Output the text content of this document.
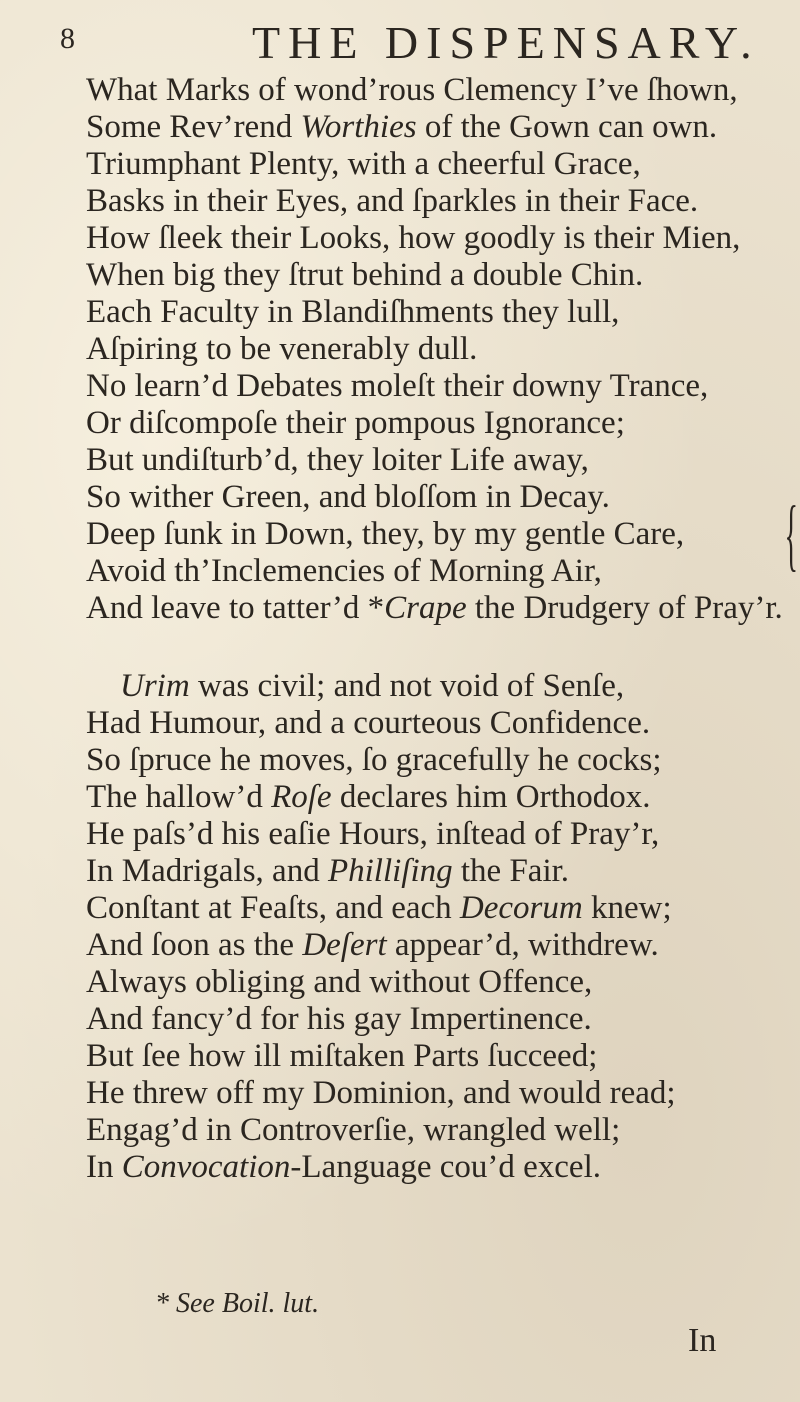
8	THE DISPENSARY.
What Marks of wond’rous Clemency I’ve ſhown,
Some Rev’rend Worthies of the Gown can own.
Triumphant Plenty, with a cheerful Grace,
Basks in their Eyes, and ſparkles in their Face.
How ſleek their Looks, how goodly is their Mien,
When big they ſtrut behind a double Chin.
Each Faculty in Blandiſhments they lull,
Aſpiring to be venerably dull.
No learn’d Debates moleſt their downy Trance,
Or diſcompoſe their pompous Ignorance;
But undiſturb’d, they loiter Life away,
So wither Green, and bloſſom in Decay.
Deep ſunk in Down, they, by my gentle Care,
Avoid th’Inclemencies of Morning Air,
And leave to tatter’d *Crape the Drudgery of Pray’r.
{
Urim was civil; and not void of Senſe,
Had Humour, and a courteous Confidence.
So ſpruce he moves, ſo gracefully he cocks;
The hallow’d Roſe declares him Orthodox.
He paſs’d his eaſie Hours, inſtead of Pray’r,
In Madrigals, and Philliſing the Fair.
Conſtant at Feaſts, and each Decorum knew;
And ſoon as the Deſert appear’d, withdrew.
Always obliging and without Offence,
And fancy’d for his gay Impertinence.
But ſee how ill miſtaken Parts ſucceed;
He threw off my Dominion, and would read;
Engag’d in Controverſie, wrangled well;
In Convocation-Language cou’d excel.
* See Boil. lut.
In
